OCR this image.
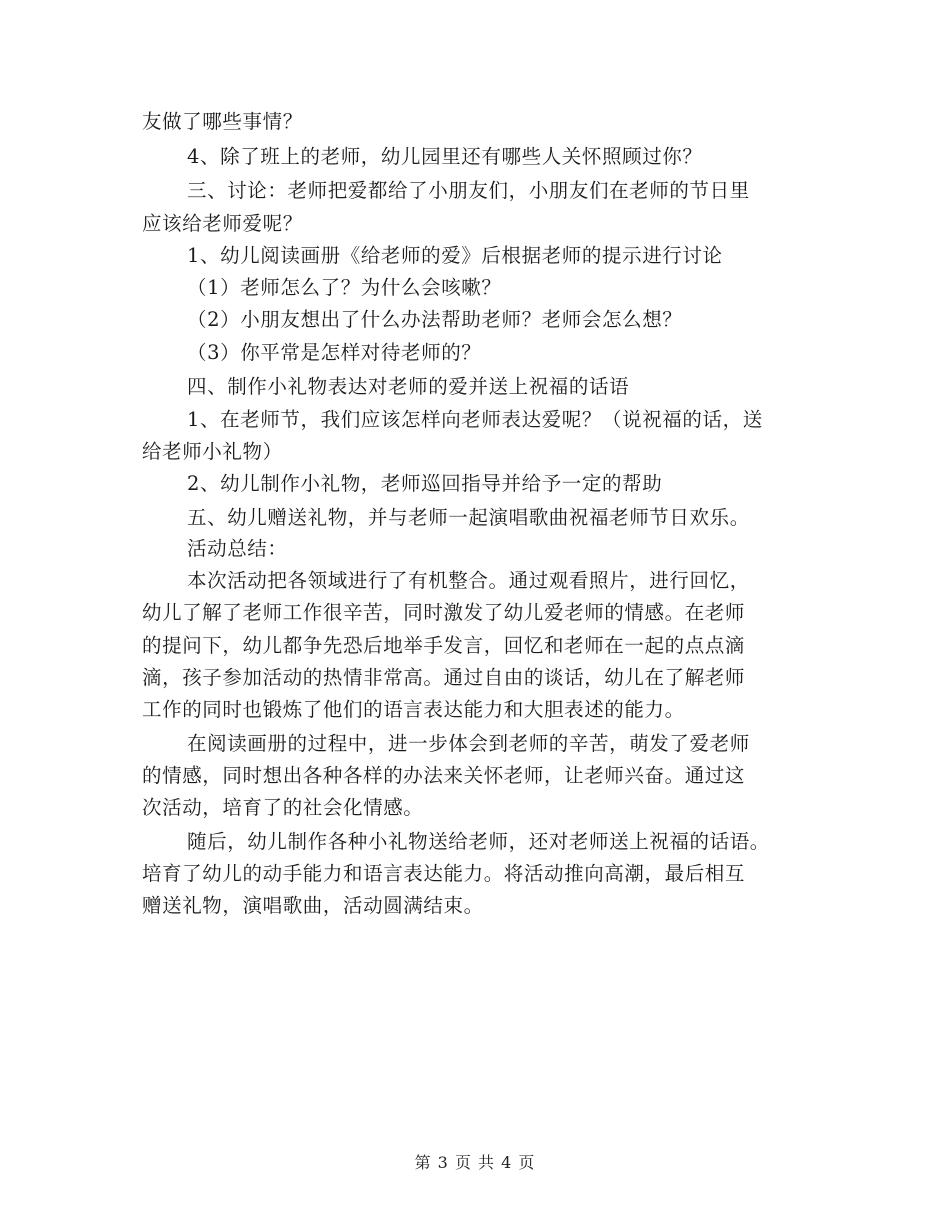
友做了哪些事情？
4、除了班上的老师，幼儿园里还有哪些人关怀照顾过你？
三、讨论：老师把爱都给了小朋友们，小朋友们在老师的节日里
应该给老师爱呢？
1、幼儿阅读画册《给老师的爱》后根据老师的提示进行讨论
（1）老师怎么了？为什么会咳嗽？
（2）小朋友想出了什么办法帮助老师？老师会怎么想？
（3）你平常是怎样对待老师的？
四、制作小礼物表达对老师的爱并送上祝福的话语
1、在老师节，我们应该怎样向老师表达爱呢？（说祝福的话，送
给老师小礼物）
2、幼儿制作小礼物，老师巡回指导并给予一定的帮助
五、幼儿赠送礼物，并与老师一起演唱歌曲祝福老师节日欢乐。
活动总结：
本次活动把各领域进行了有机整合。通过观看照片，进行回忆，
幼儿了解了老师工作很辛苦，同时激发了幼儿爱老师的情感。在老师
的提问下，幼儿都争先恐后地举手发言，回忆和老师在一起的点点滴
滴，孩子参加活动的热情非常高。通过自由的谈话，幼儿在了解老师
工作的同时也锻炼了他们的语言表达能力和大胆表述的能力。
在阅读画册的过程中，进一步体会到老师的辛苦，萌发了爱老师
的情感，同时想出各种各样的办法来关怀老师，让老师兴奋。通过这
次活动，培育了的社会化情感。
随后，幼儿制作各种小礼物送给老师，还对老师送上祝福的话语。
培育了幼儿的动手能力和语言表达能力。将活动推向高潮，最后相互
赠送礼物，演唱歌曲，活动圆满结束。
第 3 页 共 4 页
